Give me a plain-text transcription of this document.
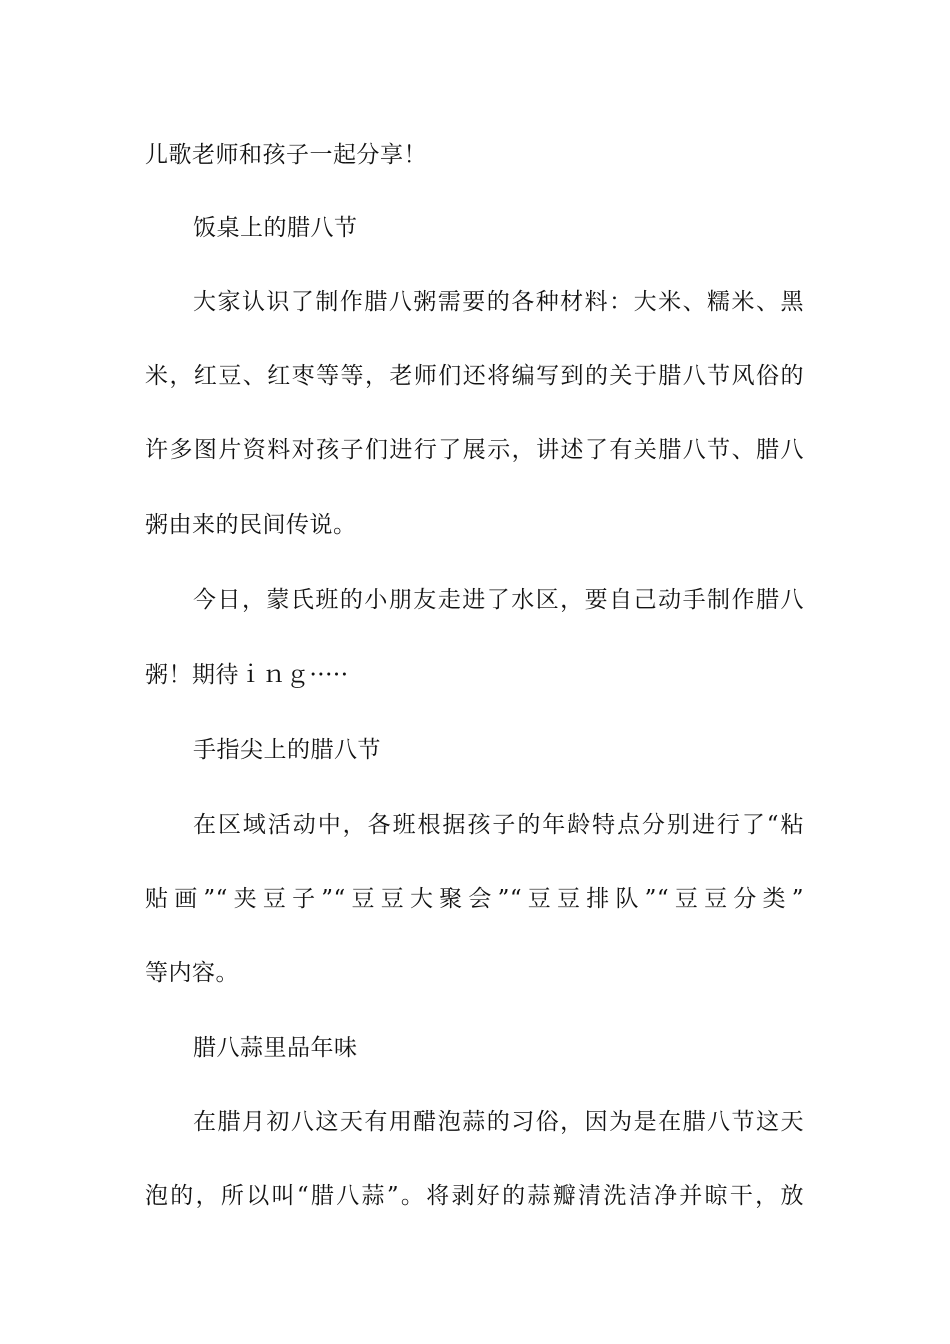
儿歌老师和孩子一起分享！

饭桌上的腊八节

大家认识了制作腊八粥需要的各种材料：大米、糯米、黑

米，红豆、红枣等等，老师们还将编写到的关于腊八节风俗的

许多图片资料对孩子们进行了展示，讲述了有关腊八节、腊八

粥由来的民间传说。

今日，蒙氏班的小朋友走进了水区，要自己动手制作腊八

粥！期待ｉｎｇ·····

手指尖上的腊八节

在区域活动中，各班根据孩子的年龄特点分别进行了“粘

贴画”“夹豆子”“豆豆大聚会”“豆豆排队”“豆豆分类”

等内容。

腊八蒜里品年味

在腊月初八这天有用醋泡蒜的习俗，因为是在腊八节这天

泡的，所以叫“腊八蒜”。将剥好的蒜瓣清洗洁净并晾干，放
